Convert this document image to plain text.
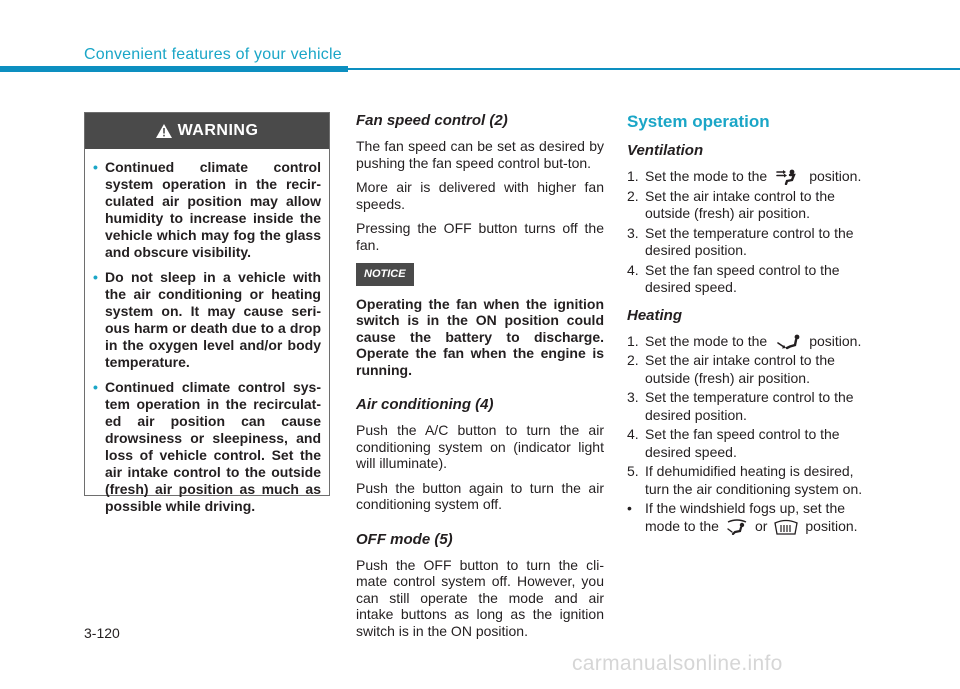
Convenient features of your vehicle
WARNING
• Continued climate control system operation in the recir-culated air position may allow humidity to increase inside the vehicle which may fog the glass and obscure visibility.
• Do not sleep in a vehicle with the air conditioning or heating system on. It may cause seri-ous harm or death due to a drop in the oxygen level and/or body temperature.
• Continued climate control sys-tem operation in the recirculat-ed air position can cause drowsiness or sleepiness, and loss of vehicle control. Set the air intake control to the outside (fresh) air position as much as possible while driving.
Fan speed control (2)

The fan speed can be set as desired by pushing the fan speed control but-ton.

More air is delivered with higher fan speeds.

Pressing the OFF button turns off the fan.

NOTICE

Operating the fan when the ignition switch is in the ON position could cause the battery to discharge. Operate the fan when the engine is running.

Air conditioning (4)

Push the A/C button to turn the air conditioning system on (indicator light will illuminate).

Push the button again to turn the air conditioning system off.

OFF mode (5)

Push the OFF button to turn the cli-mate control system off. However, you can still operate the mode and air intake buttons as long as the ignition switch is in the ON position.

System operation
Ventilation
1. Set the mode to the	position.
2. Set the air intake control to the outside (fresh) air position.
3. Set the temperature control to the desired position.
4. Set the fan speed control to the desired speed.
Heating
1. Set the mode to the	position.
2. Set the air intake control to the outside (fresh) air position.
3. Set the temperature control to the desired position.
4. Set the fan speed control to the desired speed.
5. If dehumidified heating is desired, turn the air conditioning system on.
• If the windshield fogs up, set the mode to the	or	position.
3-120
carmanualsonline.info
